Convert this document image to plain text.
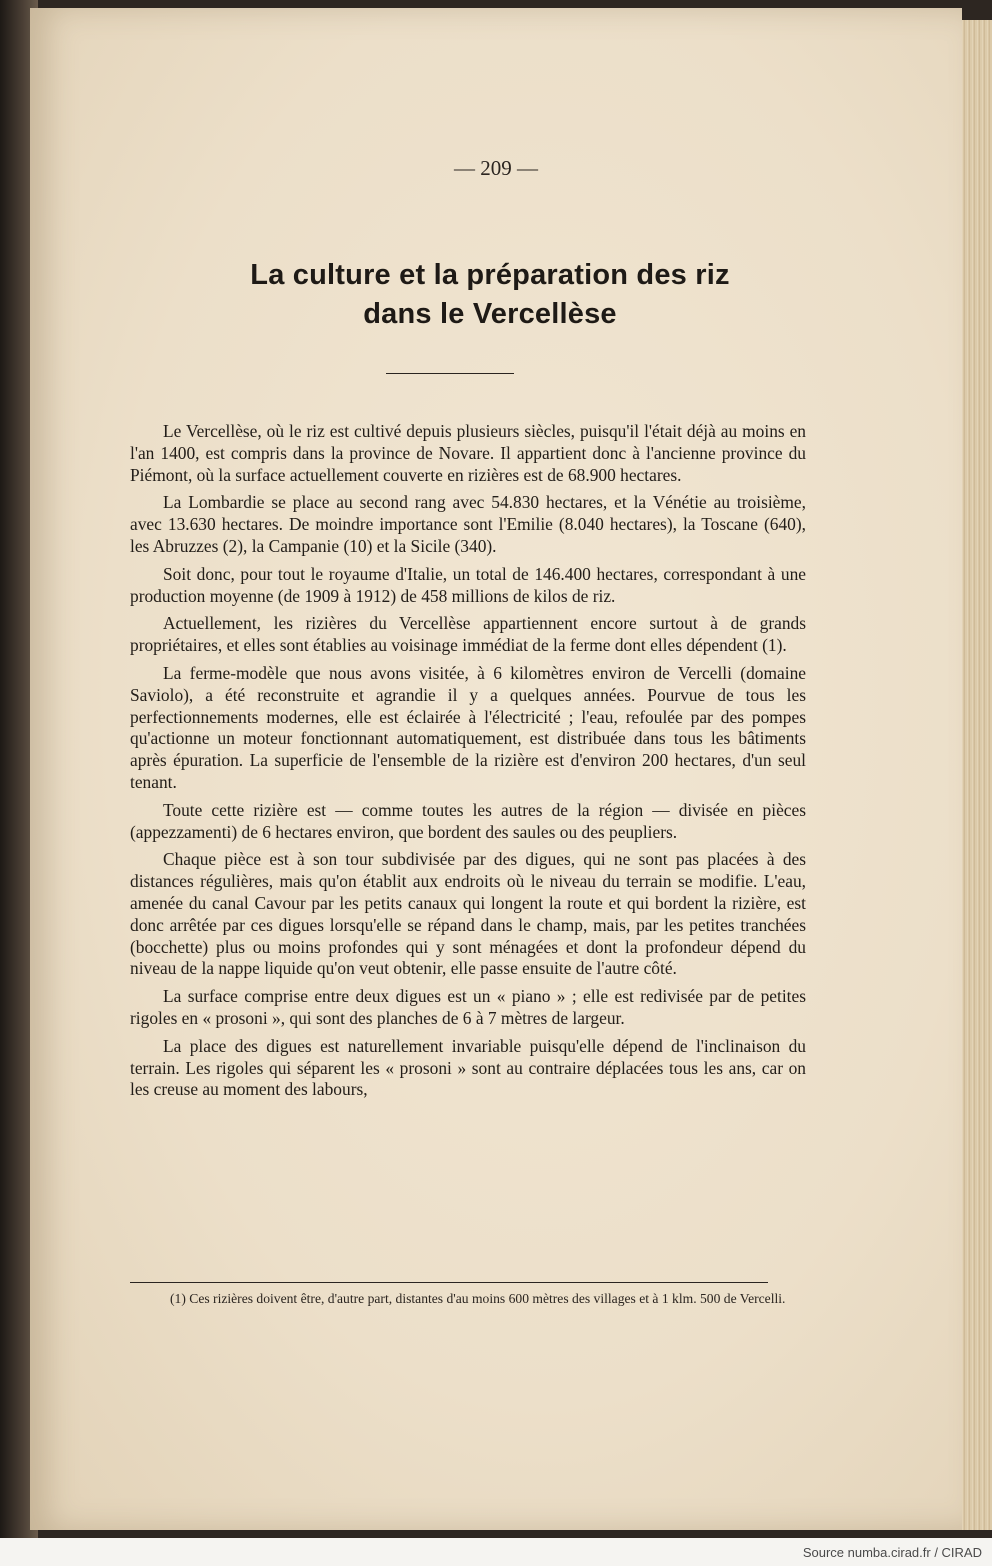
— 209 —

La culture et la préparation des riz
dans le Vercellèse

Le Vercellèse, où le riz est cultivé depuis plusieurs siècles, puisqu'il l'était déjà au moins en l'an 1400, est compris dans la province de Novare. Il appartient donc à l'ancienne province du Piémont, où la surface actuellement couverte en rizières est de 68.900 hectares.

La Lombardie se place au second rang avec 54.830 hectares, et la Vénétie au troisième, avec 13.630 hectares. De moindre importance sont l'Emilie (8.040 hectares), la Toscane (640), les Abruzzes (2), la Campanie (10) et la Sicile (340).

Soit donc, pour tout le royaume d'Italie, un total de 146.400 hectares, correspondant à une production moyenne (de 1909 à 1912) de 458 millions de kilos de riz.

Actuellement, les rizières du Vercellèse appartiennent encore surtout à de grands propriétaires, et elles sont établies au voisinage immédiat de la ferme dont elles dépendent (1).

La ferme-modèle que nous avons visitée, à 6 kilomètres environ de Vercelli (domaine Saviolo), a été reconstruite et agrandie il y a quelques années. Pourvue de tous les perfectionnements modernes, elle est éclairée à l'électricité ; l'eau, refoulée par des pompes qu'actionne un moteur fonctionnant automatiquement, est distribuée dans tous les bâtiments après épuration. La superficie de l'ensemble de la rizière est d'environ 200 hectares, d'un seul tenant.

Toute cette rizière est — comme toutes les autres de la région — divisée en pièces (appezzamenti) de 6 hectares environ, que bordent des saules ou des peupliers.

Chaque pièce est à son tour subdivisée par des digues, qui ne sont pas placées à des distances régulières, mais qu'on établit aux endroits où le niveau du terrain se modifie. L'eau, amenée du canal Cavour par les petits canaux qui longent la route et qui bordent la rizière, est donc arrêtée par ces digues lorsqu'elle se répand dans le champ, mais, par les petites tranchées (bocchette) plus ou moins profondes qui y sont ménagées et dont la profondeur dépend du niveau de la nappe liquide qu'on veut obtenir, elle passe ensuite de l'autre côté.

La surface comprise entre deux digues est un « piano » ; elle est redivisée par de petites rigoles en « prosoni », qui sont des planches de 6 à 7 mètres de largeur.

La place des digues est naturellement invariable puisqu'elle dépend de l'inclinaison du terrain. Les rigoles qui séparent les « prosoni » sont au contraire déplacées tous les ans, car on les creuse au moment des labours,

(1) Ces rizières doivent être, d'autre part, distantes d'au moins 600 mètres des villages et à 1 klm. 500 de Vercelli.

Source numba.cirad.fr / CIRAD
